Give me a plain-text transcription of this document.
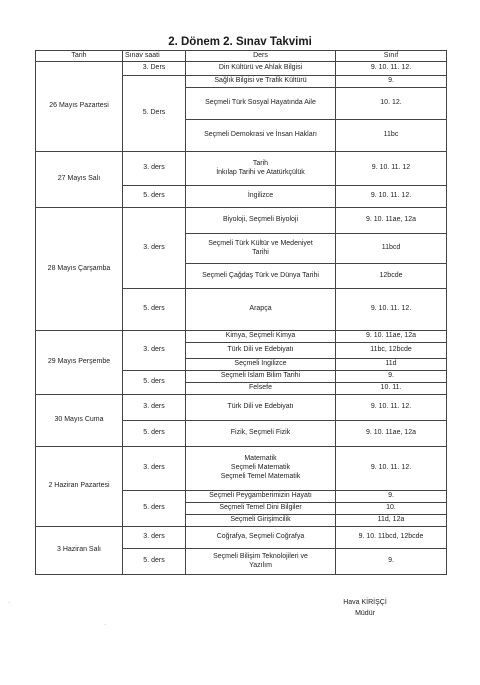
2. Dönem 2. Sınav Takvimi
Tarih	Sınav saati	Ders	Sınıf
26 Mayıs Pazartesi	3. Ders	Din Kültürü ve Ahlak Bilgisi	9. 10. 11. 12.
	5. Ders	Sağlık Bilgisi ve Trafik Kültürü	9.
		Seçmeli Türk Sosyal Hayatında Aile	10. 12.
		Seçmeli Demokrasi ve İnsan Hakları	11bc
27 Mayıs Salı	3. ders	Tarih
İnkılap Tarihi ve Atatürkçülük	9. 10. 11. 12
	5. ders	İngilizce	9. 10. 11. 12.
28 Mayıs Çarşamba	3. ders	Biyoloji, Seçmeli Biyoloji	9. 10. 11ae, 12a

		Seçmeli Türk Kültür ve Medeniyet
Tarihi	11bcd
		Seçmeli Çağdaş Türk ve Dünya Tarihi	12bcde
	5. ders	Arapça	9. 10. 11. 12.
29 Mayıs Perşembe	3. ders	Kimya, Seçmeli Kimya	9. 10. 11ae, 12a
		Türk Dili ve Edebiyatı	11bc, 12bcde
		Seçmeli İngilizce	11d
	5. ders	Seçmeli İslam Bilim Tarihi	9.
		Felsefe	10. 11.
30 Mayıs Cuma	3. ders	Türk Dili ve Edebiyatı	9. 10. 11. 12.
	5. ders	Fizik, Seçmeli Fizik	9. 10. 11ae, 12a
2 Haziran Pazartesi	3. ders	Matematik
Seçmeli Matematik
Seçmeli Temel Matematik	9. 10. 11. 12.
	5. ders	Seçmeli Peygamberimizin Hayatı	9.
		Seçmeli Temel Dini Bilgiler	10.
		Seçmeli Girişimcilik	11d, 12a
3 Haziran Salı	3. ders	Coğrafya, Seçmeli Coğrafya	9. 10. 11bcd, 12bcde
	5. ders	Seçmeli Bilişim Teknolojileri ve
Yazılım	9.
Hava KİRİŞÇİ
Müdür
·
·
